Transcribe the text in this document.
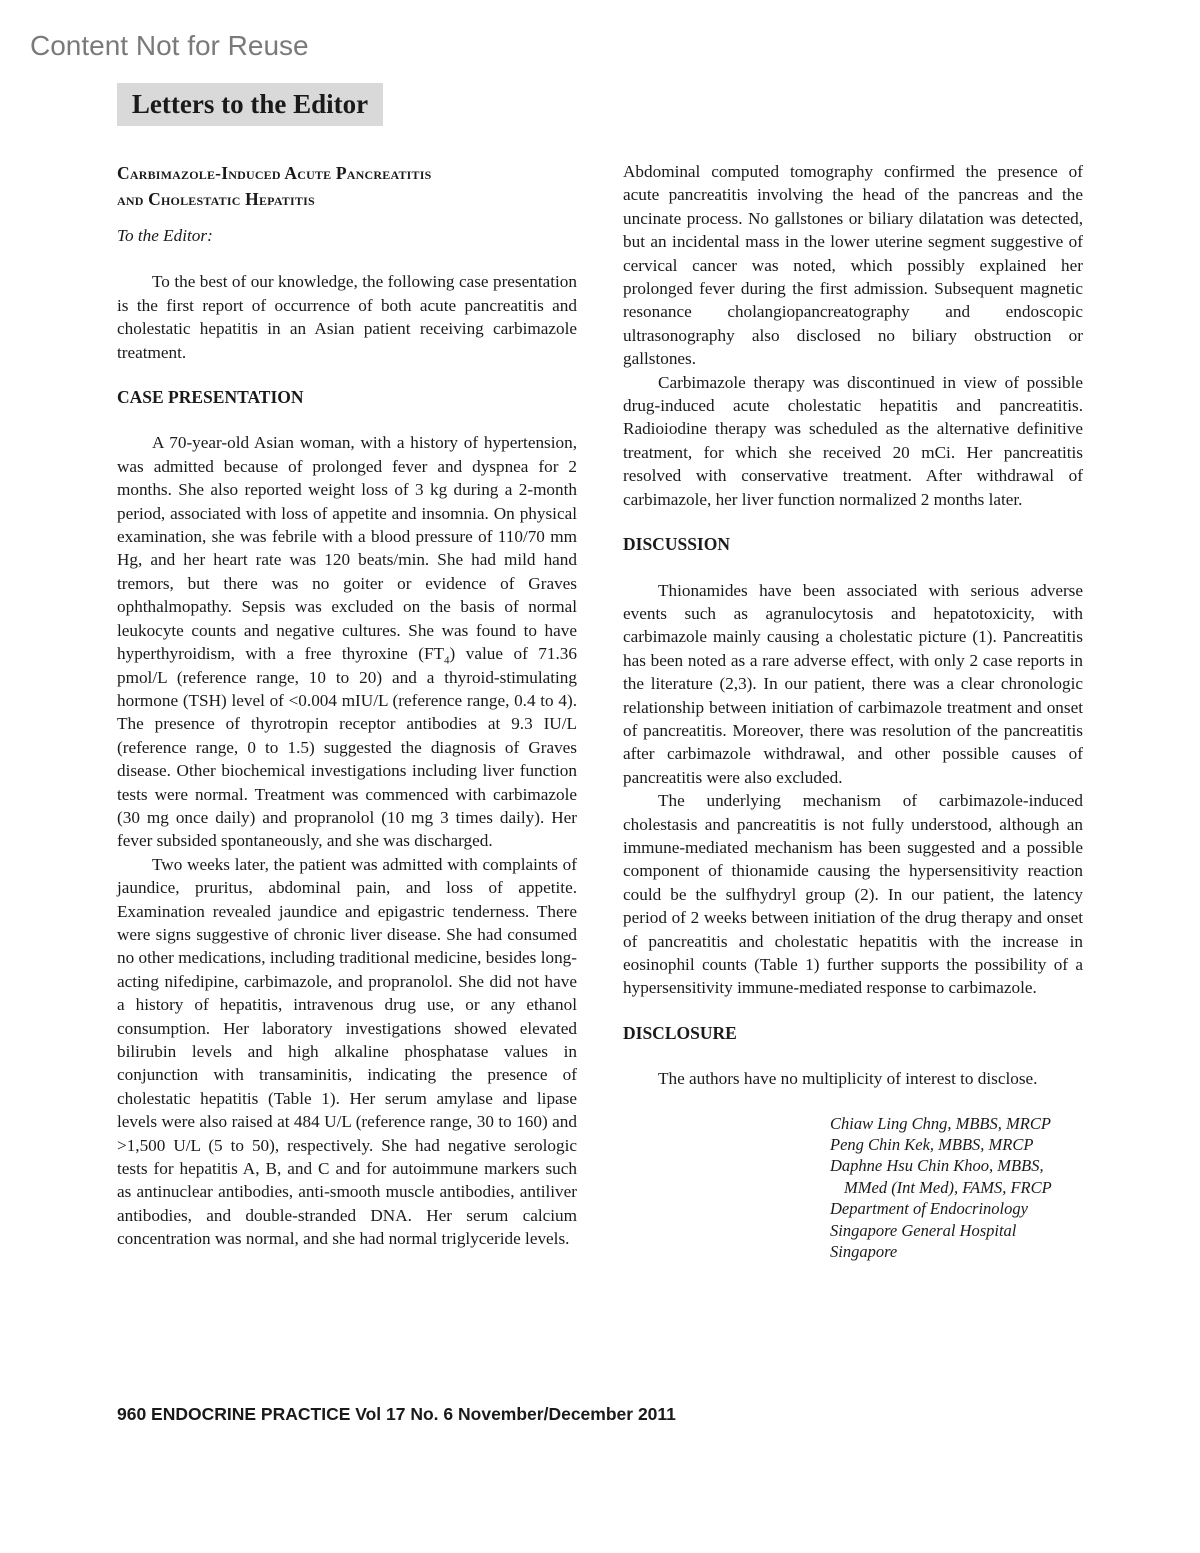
Content Not for Reuse
Letters to the Editor
Carbimazole-Induced Acute Pancreatitis
and Cholestatic Hepatitis
To the Editor:

To the best of our knowledge, the following case presentation is the first report of occurrence of both acute pancreatitis and cholestatic hepatitis in an Asian patient receiving carbimazole treatment.

CASE PRESENTATION

A 70-year-old Asian woman, with a history of hypertension, was admitted because of prolonged fever and dyspnea for 2 months. She also reported weight loss of 3 kg during a 2-month period, associated with loss of appetite and insomnia. On physical examination, she was febrile with a blood pressure of 110/70 mm Hg, and her heart rate was 120 beats/min. She had mild hand tremors, but there was no goiter or evidence of Graves ophthalmopathy. Sepsis was excluded on the basis of normal leukocyte counts and negative cultures. She was found to have hyperthyroidism, with a free thyroxine $(FT_4)$ value of 71.36 pmol/L (reference range, 10 to 20) and a thyroid-stimulating hormone (TSH) level of <0.004 mIU/L (reference range, 0.4 to 4). The presence of thyrotropin receptor antibodies at 9.3 IU/L (reference range, 0 to 1.5) suggested the diagnosis of Graves disease. Other biochemical investigations including liver function tests were normal. Treatment was commenced with carbimazole (30 mg once daily) and propranolol (10 mg 3 times daily). Her fever subsided spontaneously, and she was discharged.

Two weeks later, the patient was admitted with complaints of jaundice, pruritus, abdominal pain, and loss of appetite. Examination revealed jaundice and epigastric tenderness. There were signs suggestive of chronic liver disease. She had consumed no other medications, including traditional medicine, besides long-acting nifedipine, carbimazole, and propranolol. She did not have a history of hepatitis, intravenous drug use, or any ethanol consumption. Her laboratory investigations showed elevated bilirubin levels and high alkaline phosphatase values in conjunction with transaminitis, indicating the presence of cholestatic hepatitis (Table 1). Her serum amylase and lipase levels were also raised at 484 U/L (reference range, 30 to 160) and >1,500 U/L (5 to 50), respectively. She had negative serologic tests for hepatitis A, B, and C and for autoimmune markers such as antinuclear antibodies, anti-smooth muscle antibodies, antiliver antibodies, and double-stranded DNA. Her serum calcium concentration was normal, and she had normal triglyceride levels.

Abdominal computed tomography confirmed the presence of acute pancreatitis involving the head of the pancreas and the uncinate process. No gallstones or biliary dilatation was detected, but an incidental mass in the lower uterine segment suggestive of cervical cancer was noted, which possibly explained her prolonged fever during the first admission. Subsequent magnetic resonance cholangiopancreatography and endoscopic ultrasonography also disclosed no biliary obstruction or gallstones.

Carbimazole therapy was discontinued in view of possible drug-induced acute cholestatic hepatitis and pancreatitis. Radioiodine therapy was scheduled as the alternative definitive treatment, for which she received 20 mCi. Her pancreatitis resolved with conservative treatment. After withdrawal of carbimazole, her liver function normalized 2 months later.

DISCUSSION

Thionamides have been associated with serious adverse events such as agranulocytosis and hepatotoxicity, with carbimazole mainly causing a cholestatic picture (1). Pancreatitis has been noted as a rare adverse effect, with only 2 case reports in the literature (2,3). In our patient, there was a clear chronologic relationship between initiation of carbimazole treatment and onset of pancreatitis. Moreover, there was resolution of the pancreatitis after carbimazole withdrawal, and other possible causes of pancreatitis were also excluded.

The underlying mechanism of carbimazole-induced cholestasis and pancreatitis is not fully understood, although an immune-mediated mechanism has been suggested and a possible component of thionamide causing the hypersensitivity reaction could be the sulfhydryl group (2). In our patient, the latency period of 2 weeks between initiation of the drug therapy and onset of pancreatitis and cholestatic hepatitis with the increase in eosinophil counts (Table 1) further supports the possibility of a hypersensitivity immune-mediated response to carbimazole.

DISCLOSURE

The authors have no multiplicity of interest to disclose.

Chiaw Ling Chng, MBBS, MRCP
Peng Chin Kek, MBBS, MRCP
Daphne Hsu Chin Khoo, MBBS,
MMed (Int Med), FAMS, FRCP
Department of Endocrinology
Singapore General Hospital
Singapore
960 ENDOCRINE PRACTICE Vol 17 No. 6 November/December 2011
